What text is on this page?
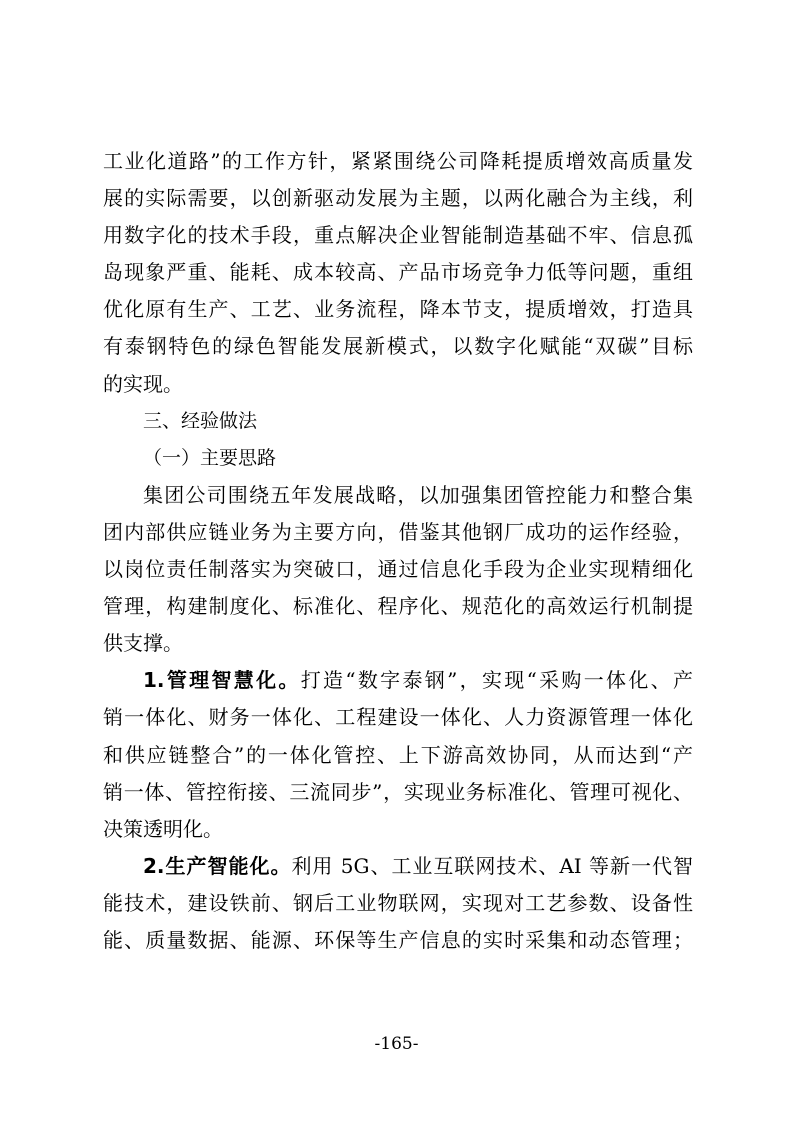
工业化道路”的工作方针，紧紧围绕公司降耗提质增效高质量发
展的实际需要，以创新驱动发展为主题，以两化融合为主线，利
用数字化的技术手段，重点解决企业智能制造基础不牢、信息孤
岛现象严重、能耗、成本较高、产品市场竞争力低等问题，重组
优化原有生产、工艺、业务流程，降本节支，提质增效，打造具
有泰钢特色的绿色智能发展新模式，以数字化赋能“双碳”目标
的实现。
三、经验做法
（一）主要思路
集团公司围绕五年发展战略，以加强集团管控能力和整合集
团内部供应链业务为主要方向，借鉴其他钢厂成功的运作经验，
以岗位责任制落实为突破口，通过信息化手段为企业实现精细化
管理，构建制度化、标准化、程序化、规范化的高效运行机制提
供支撑。
1.管理智慧化。打造“数字泰钢”，实现“采购一体化、产
销一体化、财务一体化、工程建设一体化、人力资源管理一体化
和供应链整合”的一体化管控、上下游高效协同，从而达到“产
销一体、管控衔接、三流同步”，实现业务标准化、管理可视化、
决策透明化。
2.生产智能化。利用 5G、工业互联网技术、AI 等新一代智
能技术，建设铁前、钢后工业物联网，实现对工艺参数、设备性
能、质量数据、能源、环保等生产信息的实时采集和动态管理；
-165-
